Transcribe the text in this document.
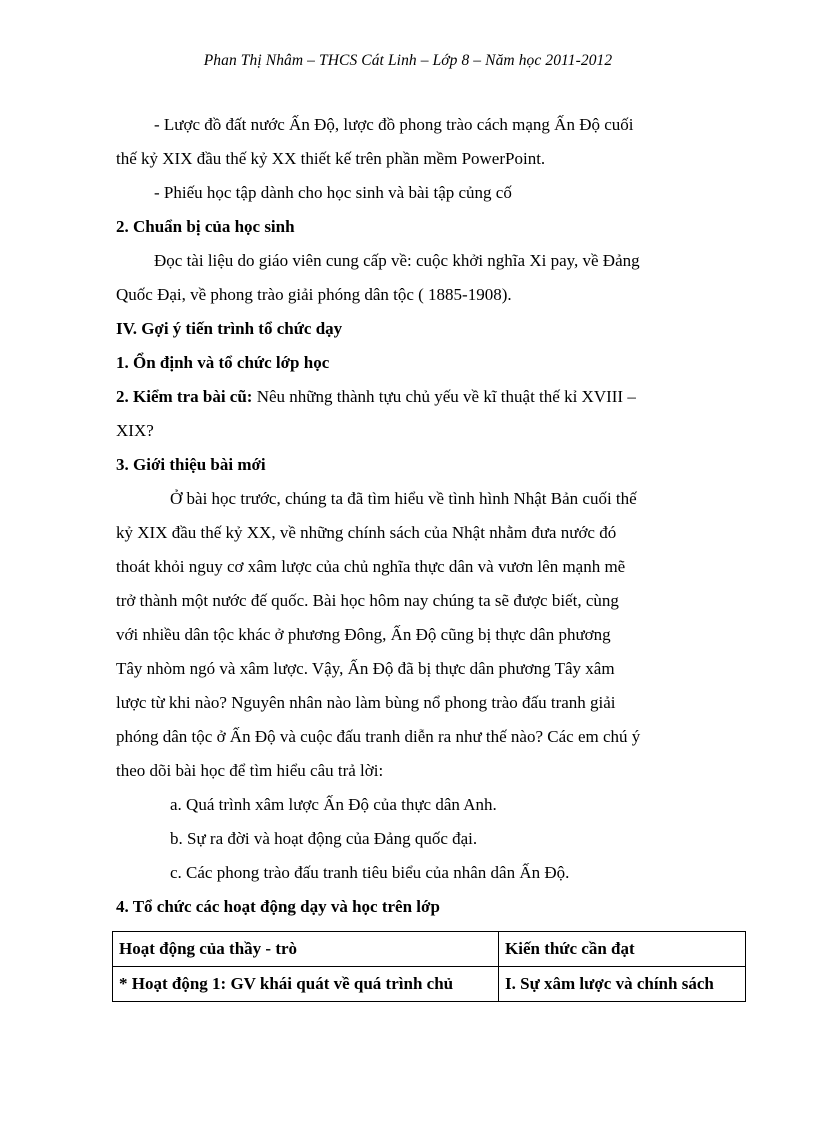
Phan Thị Nhâm – THCS Cát Linh – Lớp 8 – Năm học 2011-2012
- Lược đồ đất nước Ấn Độ, lược đồ phong trào cách mạng Ấn Độ cuối
thế kỷ XIX đầu thế kỷ XX thiết kế trên phần mềm PowerPoint.
- Phiếu học tập dành cho học sinh và bài tập củng cố
2. Chuẩn bị của học sinh
Đọc tài liệu do giáo viên cung cấp về: cuộc khởi nghĩa Xi pay, về Đảng
Quốc Đại, về phong trào giải phóng dân tộc ( 1885-1908).
IV. Gợi ý tiến trình tổ chức dạy
1. Ổn định và tổ chức lớp học
2. Kiểm tra bài cũ: Nêu những thành tựu chủ yếu về kĩ thuật thế kỉ XVIII –
XIX?
3. Giới thiệu bài mới
Ở bài học trước, chúng ta đã tìm hiểu về tình hình Nhật Bản cuối thế
kỷ XIX đầu thế kỷ XX, về những chính sách của Nhật nhằm đưa nước đó
thoát khỏi nguy cơ xâm lược của chủ nghĩa thực dân và vươn lên mạnh mẽ
trở thành một nước đế quốc. Bài học hôm nay chúng ta sẽ được biết, cùng
với nhiều dân tộc khác ở phương Đông, Ấn Độ cũng bị thực dân phương
Tây nhòm ngó và xâm lược. Vậy, Ấn Độ đã bị thực dân phương Tây xâm
lược từ khi nào? Nguyên nhân nào làm bùng nổ phong trào đấu tranh giải
phóng dân tộc ở Ấn Độ và cuộc đấu tranh diễn ra như thế nào? Các em chú ý
theo dõi bài học để tìm hiểu câu trả lời:
a. Quá trình xâm lược Ấn Độ của thực dân Anh.
b. Sự ra đời và hoạt động của Đảng quốc đại.
c. Các phong trào đấu tranh tiêu biểu của nhân dân Ấn Độ.
4. Tổ chức các hoạt động dạy và học trên lớp
Hoạt động của thầy - trò	Kiến thức cần đạt
* Hoạt động 1: GV khái quát về quá trình chủ	I. Sự xâm lược và chính sách
